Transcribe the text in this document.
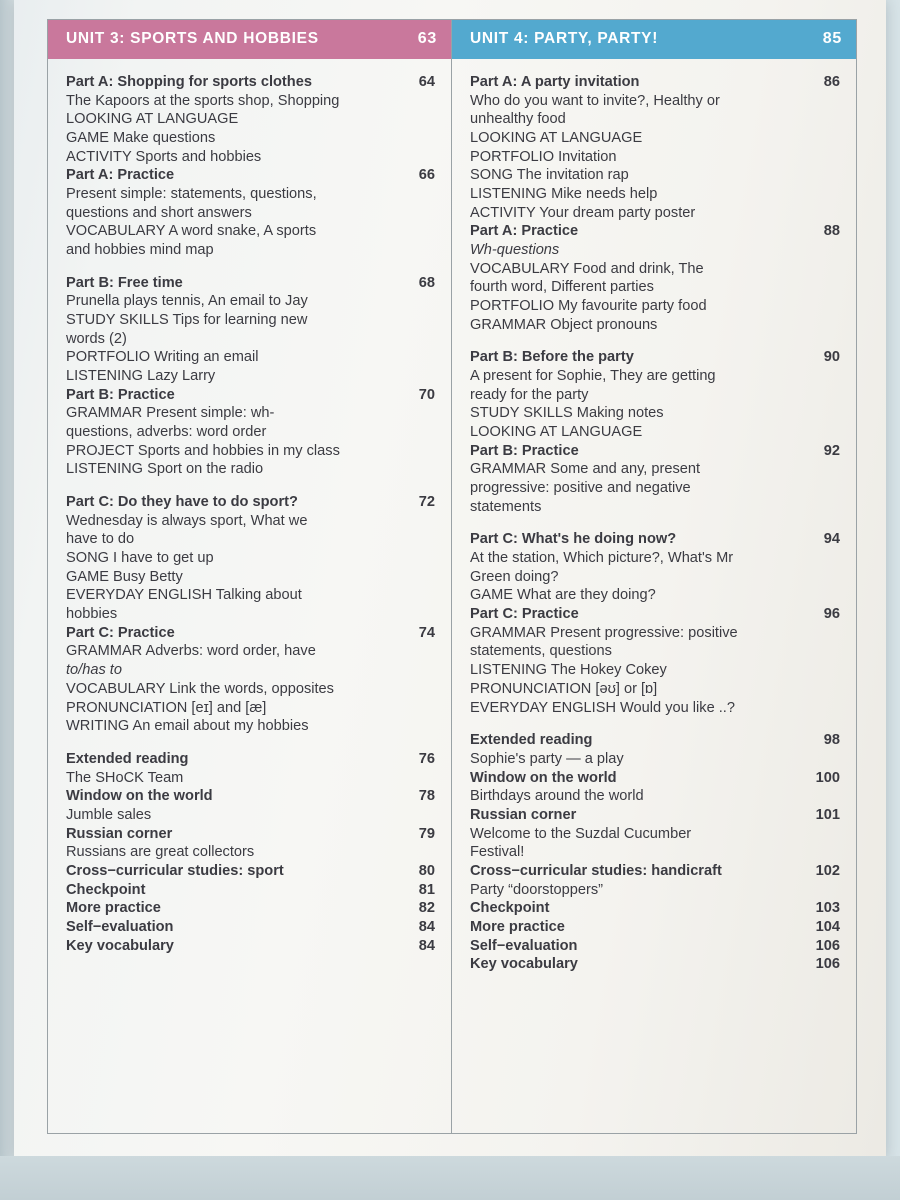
UNIT 3: SPORTS AND HOBBIES	63
Part A: Shopping for sports clothes	64
The Kapoors at the sports shop, Shopping
LOOKING AT LANGUAGE
GAME Make questions
ACTIVITY Sports and hobbies
Part A: Practice	66
Present simple: statements, questions,
questions and short answers
VOCABULARY A word snake, A sports
and hobbies mind map
Part B: Free time	68
Prunella plays tennis, An email to Jay
STUDY SKILLS Tips for learning new
words (2)
PORTFOLIO Writing an email
LISTENING Lazy Larry
Part B: Practice	70
GRAMMAR Present simple: wh-
questions, adverbs: word order
PROJECT Sports and hobbies in my class
LISTENING Sport on the radio
Part C: Do they have to do sport?	72
Wednesday is always sport, What we
have to do
SONG I have to get up
GAME Busy Betty
EVERYDAY ENGLISH Talking about
hobbies
Part C: Practice	74
GRAMMAR Adverbs: word order, have
to/has to
VOCABULARY Link the words, opposites
PRONUNCIATION [eɪ] and [æ]
WRITING An email about my hobbies
Extended reading	76
The SHoCK Team
Window on the world	78
Jumble sales
Russian corner	79
Russians are great collectors
Cross−curricular studies: sport	80
Checkpoint	81
More practice	82
Self−evaluation	84
Key vocabulary	84
UNIT 4: PARTY, PARTY!	85
Part A: A party invitation	86
Who do you want to invite?, Healthy or
unhealthy food
LOOKING AT LANGUAGE
PORTFOLIO Invitation
SONG The invitation rap
LISTENING Mike needs help
ACTIVITY Your dream party poster
Part A: Practice	88
Wh-questions
VOCABULARY Food and drink, The
fourth word, Different parties
PORTFOLIO My favourite party food
GRAMMAR Object pronouns
Part B: Before the party	90
A present for Sophie, They are getting
ready for the party
STUDY SKILLS Making notes
LOOKING AT LANGUAGE
Part B: Practice	92
GRAMMAR Some and any, present
progressive: positive and negative
statements
Part C: What's he doing now?	94
At the station, Which picture?, What's Mr
Green doing?
GAME What are they doing?
Part C: Practice	96
GRAMMAR Present progressive: positive
statements, questions
LISTENING The Hokey Cokey
PRONUNCIATION [əʊ] or [ɒ]
EVERYDAY ENGLISH Would you like ..?
Extended reading	98
Sophie's party — a play
Window on the world	100
Birthdays around the world
Russian corner	101
Welcome to the Suzdal Cucumber
Festival!
Cross−curricular studies: handicraft	102
Party “doorstoppers”
Checkpoint	103
More practice	104
Self−evaluation	106
Key vocabulary	106
